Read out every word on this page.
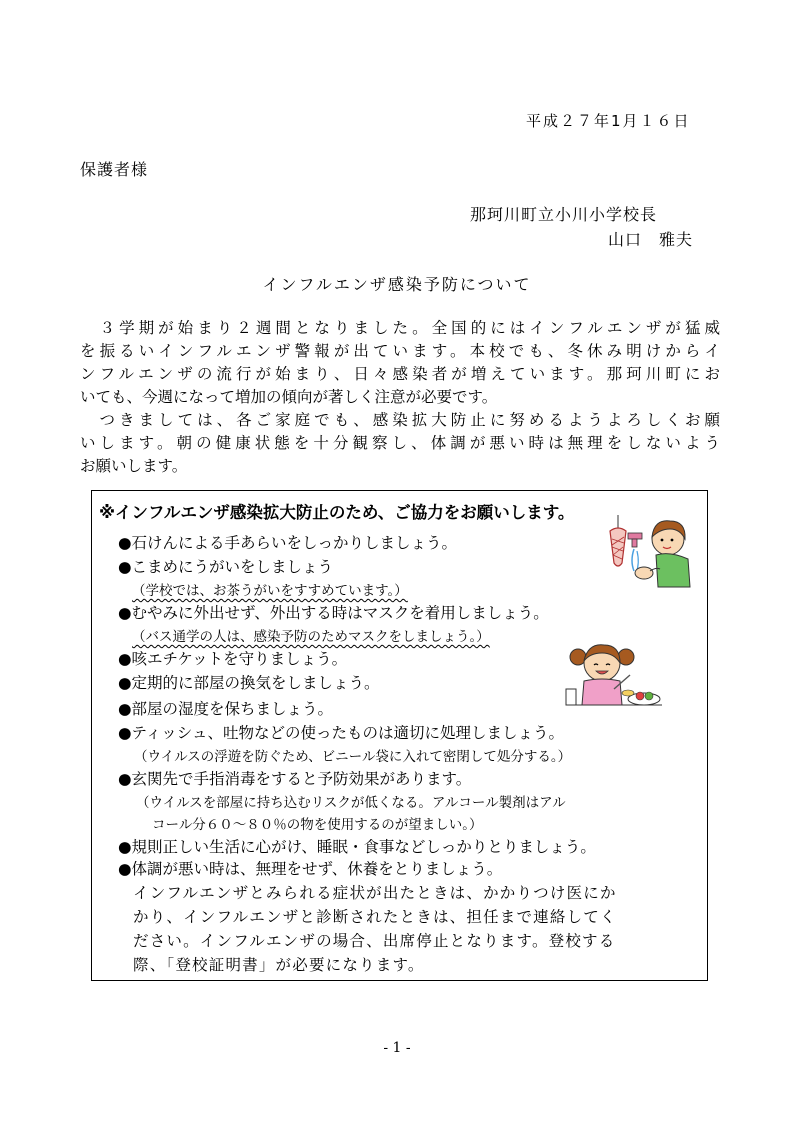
平成２７年1月１６日
保護者様
那珂川町立小川小学校長
山口　雅夫
インフルエンザ感染予防について

　３学期が始まり２週間となりました。全国的にはインフルエンザが猛威
を振るいインフルエンザ警報が出ています。本校でも、冬休み明けからイ
ンフルエンザの流行が始まり、日々感染者が増えています。那珂川町にお
いても、今週になって増加の傾向が著しく注意が必要です。

　つきましては、各ご家庭でも、感染拡大防止に努めるようよろしくお願
いします。朝の健康状態を十分観察し、体調が悪い時は無理をしないよう
お願いします。

※インフルエンザ感染拡大防止のため、ご協力をお願いします。
●石けんによる手あらいをしっかりしましょう。
●こまめにうがいをしましょう
（学校では、お茶うがいをすすめています。）
●むやみに外出せず、外出する時はマスクを着用しましょう。
（バス通学の人は、感染予防のためマスクをしましょう。）
●咳エチケットを守りましょう。
●定期的に部屋の換気をしましょう。
●部屋の湿度を保ちましょう。
●ティッシュ、吐物などの使ったものは適切に処理しましょう。
（ウイルスの浮遊を防ぐため、ビニール袋に入れて密閉して処分する。）
●玄関先で手指消毒をすると予防効果があります。
（ウイルスを部屋に持ち込むリスクが低くなる。アルコール製剤はアル
コール分６０～８０％の物を使用するのが望ましい。）
●規則正しい生活に心がけ、睡眠・食事などしっかりとりましょう。
●体調が悪い時は、無理をせず、休養をとりましょう。
インフルエンザとみられる症状が出たときは、かかりつけ医にか
かり、インフルエンザと診断されたときは、担任まで連絡してく
ださい。インフルエンザの場合、出席停止となります。登校する
際、「登校証明書」が必要になります。
- 1 -
